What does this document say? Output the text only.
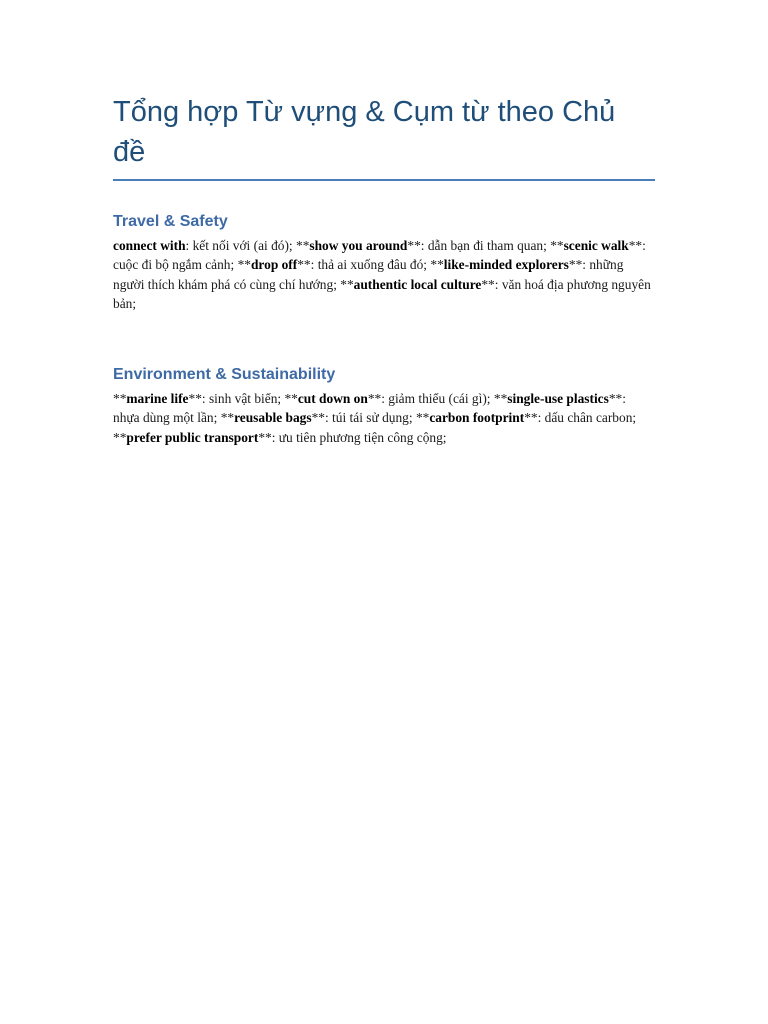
Tổng hợp Từ vựng & Cụm từ theo Chủ đề
Travel & Safety

connect with: kết nối với (ai đó); **show you around**: dẫn bạn đi tham quan; **scenic walk**: cuộc đi bộ ngắm cảnh; **drop off**: thả ai xuống đâu đó; **like-minded explorers**: những người thích khám phá có cùng chí hướng; **authentic local culture**: văn hoá địa phương nguyên bản;

Environment & Sustainability

**marine life**: sinh vật biển; **cut down on**: giảm thiểu (cái gì); **single-use plastics**: nhựa dùng một lần; **reusable bags**: túi tái sử dụng; **carbon footprint**: dấu chân carbon; **prefer public transport**: ưu tiên phương tiện công cộng;
